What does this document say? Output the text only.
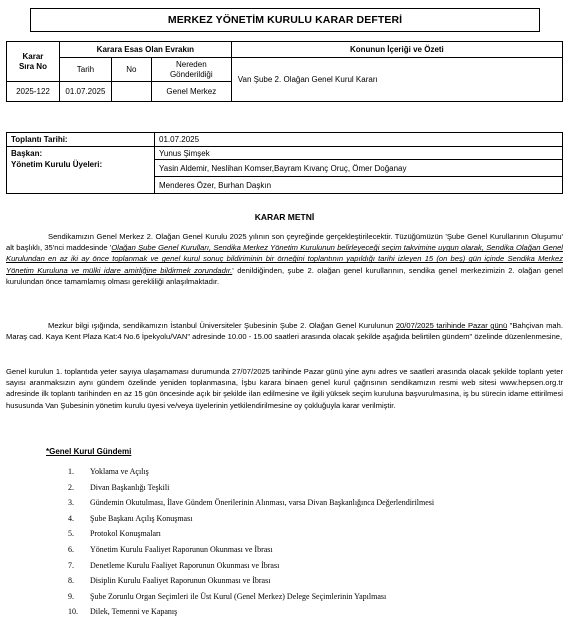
MERKEZ YÖNETİM KURULU KARAR DEFTERİ
Karar Sıra No	Karara Esas Olan Evrakın			Konunun İçeriği ve Özeti
	Tarih	No	Nereden Gönderildiği	Van Şube 2. Olağan Genel Kurul Kararı
2025-122	01.07.2025		Genel Merkez	
Toplantı Tarihi:	01.07.2025
Başkan:	Yunus Şimşek
Yönetim Kurulu Üyeleri:	Yasin Aldemir, Neslihan Komser,Bayram Kıvanç Oruç, Ömer Doğanay
	Menderes Özer, Burhan Daşkın
KARAR METNİ
Sendikamızın Genel Merkez 2. Olağan Genel Kurulu 2025 yılının son çeyreğinde gerçekleştirilecektir. Tüzüğümüzün 'Şube Genel Kurullarının Oluşumu' alt başlıklı, 35'nci maddesinde 'Olağan Şube Genel Kurulları, Sendika Merkez Yönetim Kurulunun belirleyeceği seçim takvimine uygun olarak, Sendika Olağan Genel Kurulundan en az iki ay önce toplanmak ve genel kurul sonuç bildiriminin bir örneğini toplantının yapıldığı tarihi izleyen 15 (on beş) gün içinde Sendika Merkez Yönetim Kuruluna ve mülki idare amirliğine bildirmek zorundadır.' denildiğinden, şube 2. olağan genel kurullarının, sendika genel merkezimizin 2. olağan genel kurulundan önce tamamlamış olması gerekliliği anlaşılmaktadır.
Mezkur bilgi ışığında, sendikamızın İstanbul Üniversiteler Şubesinin Şube 2. Olağan Genel Kurulunun 20/07/2025 tarihinde Pazar günü "Bahçivan mah. Maraş cad. Kaya Kent Plaza Kat:4 No.6 İpekyolu/VAN" adresinde 10.00 - 15.00 saatleri arasında olacak şekilde aşağıda belirtilen gündem" özelinde düzenlenmesine,
Genel kurulun 1. toplantıda yeter sayıya ulaşamaması durumunda 27/07/2025 tarihinde Pazar günü yine aynı adres ve saatleri arasında olacak şekilde toplantı yeter sayısı aranmaksızın aynı gündem özelinde yeniden toplanmasına, İşbu karara binaen genel kurul çağrısının sendikamızın resmi web sitesi www.hepsen.org.tr adresinde ilk toplantı tarihinden en az 15 gün öncesinde açık bir şekilde ilan edilmesine ve ilgili yüksek seçim kuruluna başvurulmasına, iş bu sürecin idame ettirilmesi hususunda Van Şubesinin yönetim kurulu üyesi ve/veya üyelerinin yetkilendirilmesine oy çokluğuyla karar verilmiştir.
*Genel Kurul Gündemi
1.	Yoklama ve Açılış
2.	Divan Başkanlığı Teşkili
3.	Gündemin Okutulması, İlave Gündem Önerilerinin Alınması, varsa Divan Başkanlığınca Değerlendirilmesi
4.	Şube Başkanı Açılış Konuşması
5.	Protokol Konuşmaları
6.	Yönetim Kurulu Faaliyet Raporunun Okunması ve İbrası
7.	Denetleme Kurulu Faaliyet Raporunun Okunması ve İbrası
8.	Disiplin Kurulu Faaliyet Raporunun Okunması ve İbrası
9.	Şube Zorunlu Organ Seçimleri ile Üst Kurul (Genel Merkez) Delege Seçimlerinin Yapılması
10.	Dilek, Temenni ve Kapanış
